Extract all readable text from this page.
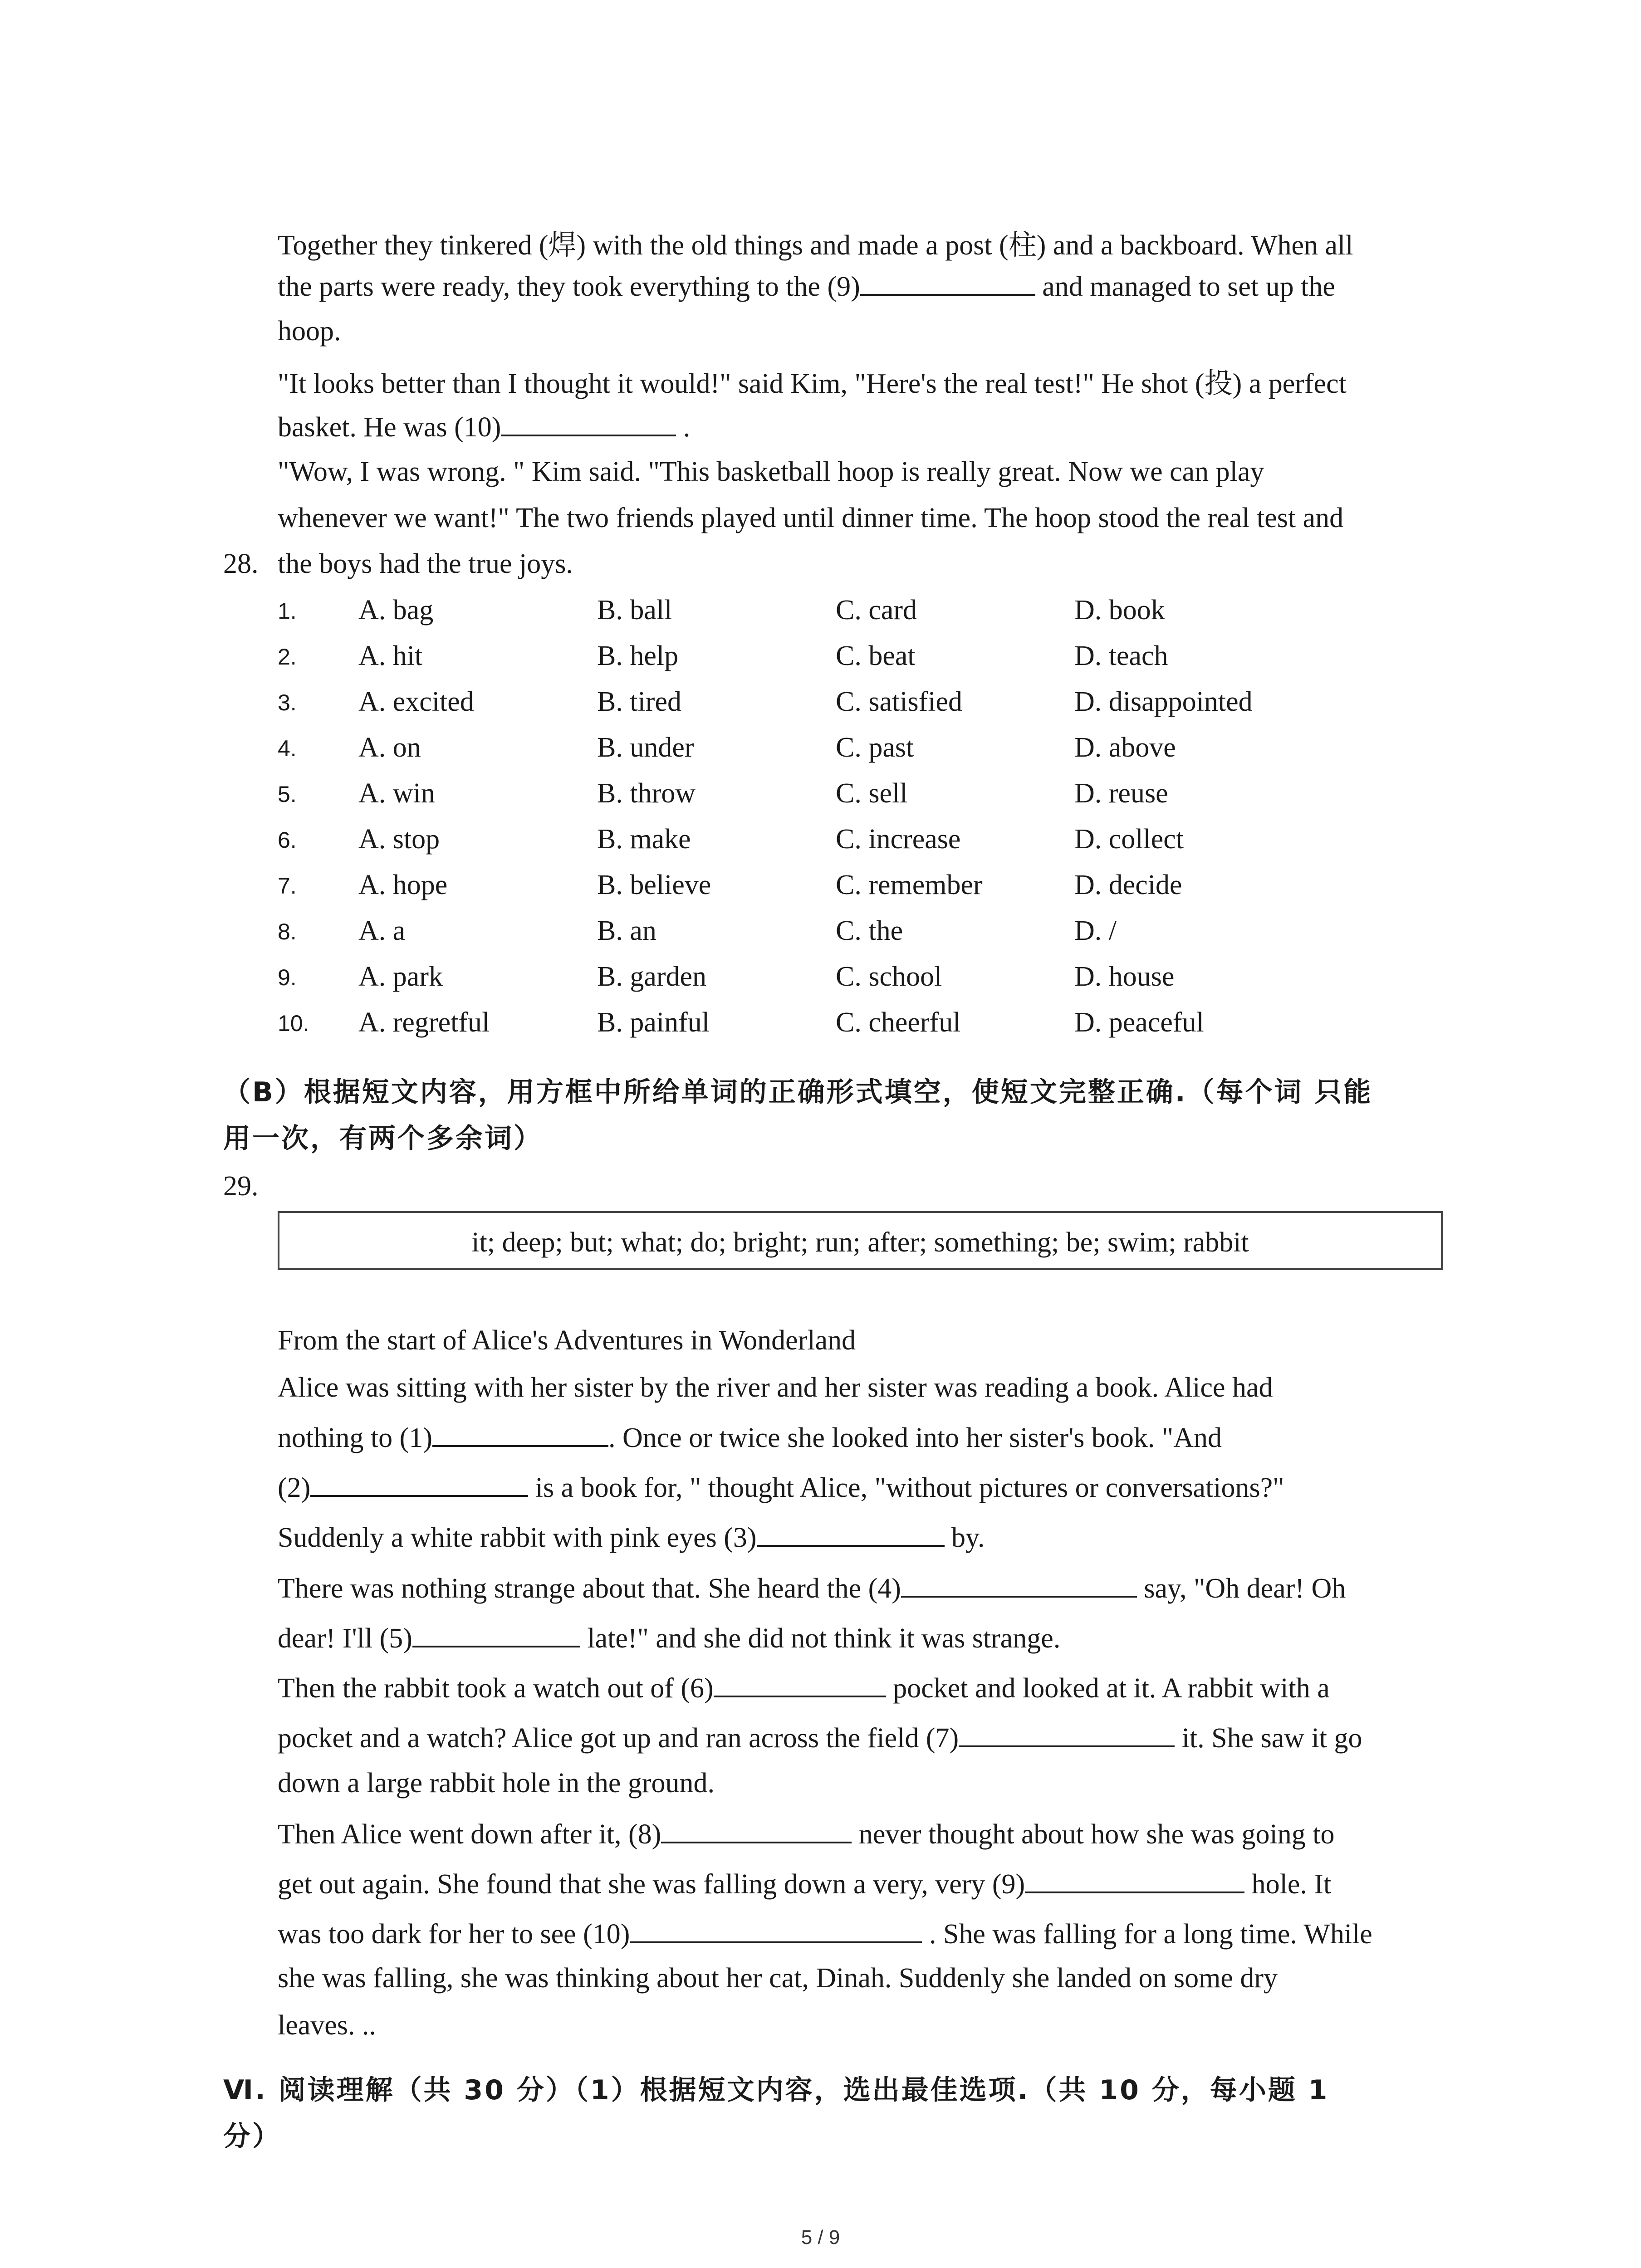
Together they tinkered (焊) with the old things and made a post (柱) and a backboard. When all
the parts were ready, they took everything to the (9)	and managed to set up the
hoop.
"It looks better than I thought it would!" said Kim, "Here's the real test!" He shot (投) a perfect
basket. He was (10)	.
"Wow, I was wrong. " Kim said. "This basketball hoop is really great. Now we can play
whenever we want!" The two friends played until dinner time. The hoop stood the real test and
the boys had the true joys.
28.
1. A. bag	B. ball	C. card	D. book
2. A. hit	B. help	C. beat	D. teach
3. A. excited	B. tired	C. satisfied	D. disappointed
4. A. on	B. under	C. past	D. above
5. A. win	B. throw	C. sell	D. reuse
6. A. stop	B. make	C. increase	D. collect
7. A. hope	B. believe	C. remember	D. decide
8. A. a	B. an	C. the	D. /
9. A. park	B. garden	C. school	D. house
10. A. regretful	B. painful	C. cheerful	D. peaceful
（B）根据短文内容，用方框中所给单词的正确形式填空，使短文完整正确.（每个词 只能
用一次，有两个多余词）
29.
it; deep; but; what; do; bright; run; after; something; be; swim; rabbit
From the start of Alice's Adventures in Wonderland
Alice was sitting with her sister by the river and her sister was reading a book. Alice had
nothing to (1)	. Once or twice she looked into her sister's book. "And
(2)	is a book for, " thought Alice, "without pictures or conversations?"
Suddenly a white rabbit with pink eyes (3)	by.
There was nothing strange about that. She heard the (4)	say, "Oh dear! Oh
dear! I'll (5)	late!" and she did not think it was strange.
Then the rabbit took a watch out of (6)	pocket and looked at it. A rabbit with a
pocket and a watch? Alice got up and ran across the field (7)	it. She saw it go
down a large rabbit hole in the ground.
Then Alice went down after it, (8)	never thought about how she was going to
get out again. She found that she was falling down a very, very (9)	hole. It
was too dark for her to see (10)	. She was falling for a long time. While
she was falling, she was thinking about her cat, Dinah. Suddenly she landed on some dry
leaves. ..
Ⅵ. 阅读理解（共 30 分）（1）根据短文内容，选出最佳选项.（共 10 分，每小题 1
分）
5 / 9
